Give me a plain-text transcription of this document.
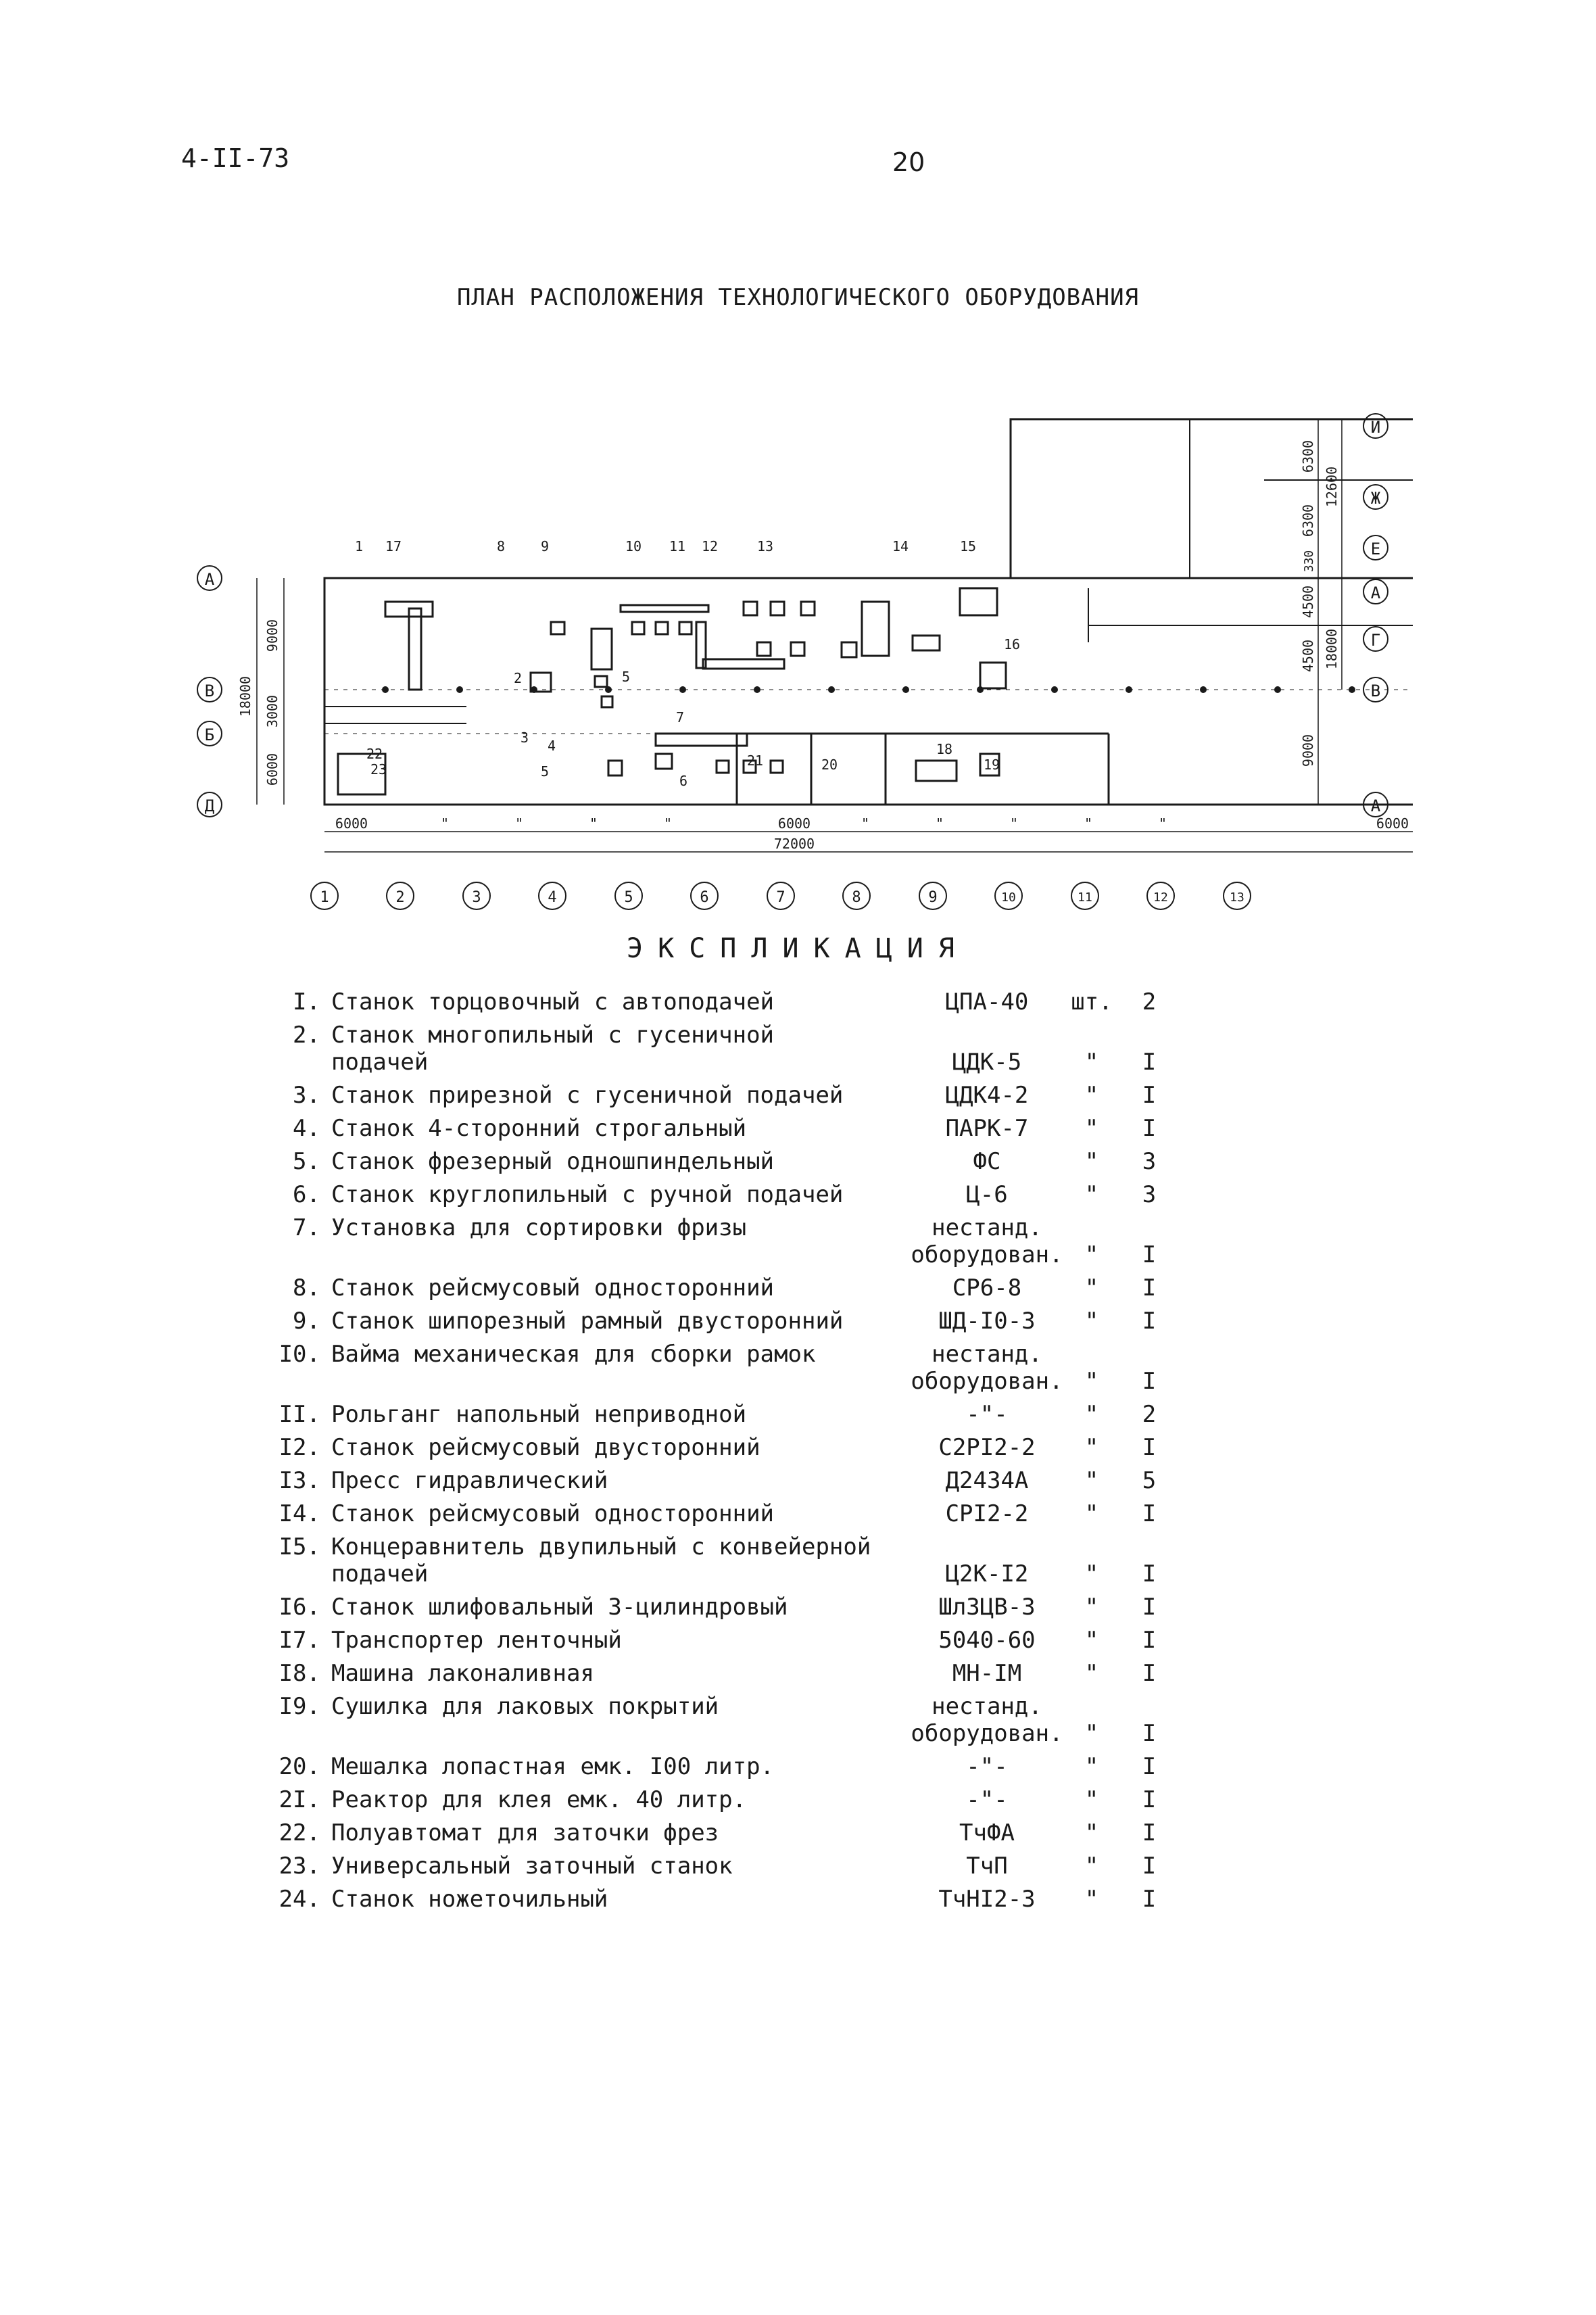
4-II-73	20
ПЛАН РАСПОЛОЖЕНИЯ ТЕХНОЛОГИЧЕСКОГО ОБОРУДОВАНИЯ
А
В
Б
Д
И
Ж
Е
А
Г
В
А
18000
9000
3000
6000
6300
6300
12600
330
4500
4500 18000
9000
6000	6000	6000
72000
"	"	"	"	"	"	"	"	"
1	2	3	4	5	6	7	8	9	10	11	12	13
1 17	8	9	10 11 12	13	14	15
16
2	5
7
3 4
5
6
21	20
18
19
22
23
ЭКСПЛИКАЦИЯ
I. Станок торцовочный с автоподачей	ЦПА-40	шт.	2
2. Станок многопильный с гусеничной
подачей	ЦДК-5	"	I
3. Станок прирезной с гусеничной подачей	ЦДК4-2	"	I
4. Станок 4-сторонний строгальный	ПАРК-7	"	I
5. Станок фрезерный одношпиндельный	ФС	"	3
6. Станок круглопильный с ручной подачей	Ц-6	"	3
7. Установка для сортировки фризы	нестанд.
оборудован. "	I
8. Станок рейсмусовый односторонний	СР6-8	"	I
9. Станок шипорезный рамный двусторонний	ШД-I0-3	"	I
I0. Вайма механическая для сборки рамок	нестанд.
оборудован. "	I
II. Рольганг напольный неприводной	-"-	"	2
I2. Станок рейсмусовый двусторонний	С2РI2-2	"	I
I3. Пресс гидравлический	Д2434А	"	5
I4. Станок рейсмусовый односторонний	СРI2-2	"	I
I5. Концеравнитель двупильный с конвейерной
подачей	Ц2К-I2	"	I
I6. Станок шлифовальный 3-цилиндровый	ШлЗЦВ-3	"	I
I7. Транспортер ленточный	5040-60	"	I
I8. Машина лаконаливная	МН-IМ	"	I
I9. Сушилка для лаковых покрытий	нестанд.
оборудован. "	I
20. Мешалка лопастная емк. I00 литр.	-"-	"	I
2I. Реактор для клея емк. 40 литр.	-"-	"	I
22. Полуавтомат для заточки фрез	ТчФА	"	I
23. Универсальный заточный станок	ТчП	"	I
24. Станок ножеточильный	ТчНI2-3	"	I
